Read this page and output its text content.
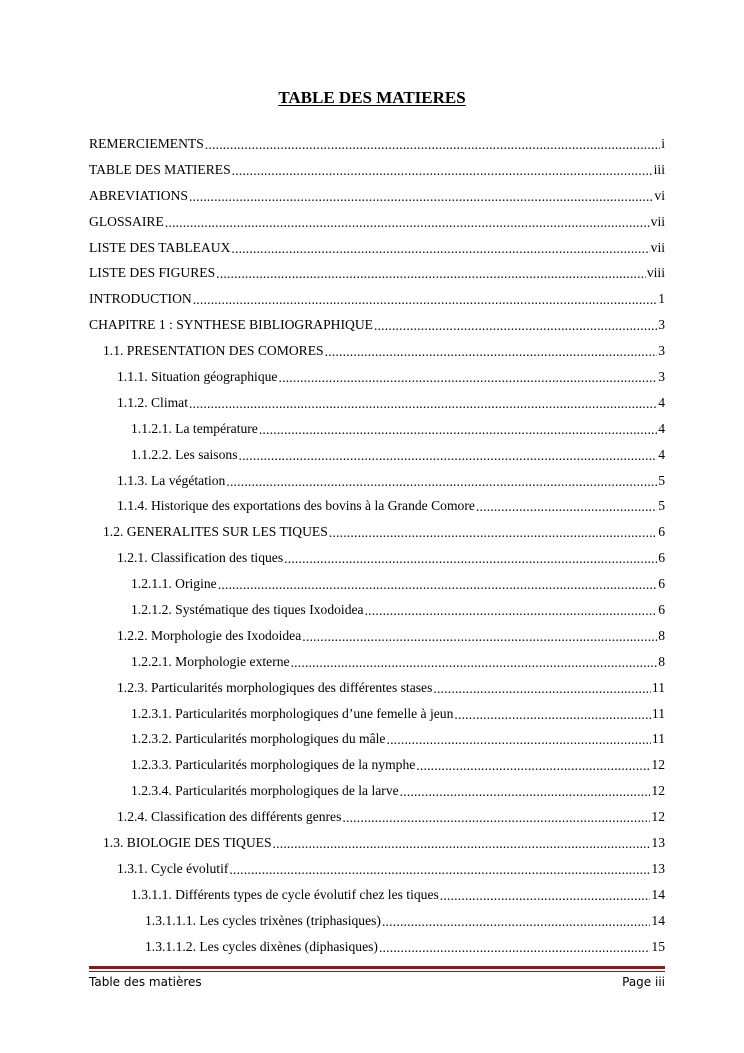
TABLE DES MATIERES
REMERCIEMENTS .....	i
TABLE DES MATIERES .....	iii
ABREVIATIONS .....	vi
GLOSSAIRE .....	vii
LISTE DES TABLEAUX .....	vii
LISTE DES FIGURES .....	viii
INTRODUCTION .....	1
CHAPITRE 1 : SYNTHESE BIBLIOGRAPHIQUE .....	3
1.1. PRESENTATION DES COMORES .....	3
1.1.1. Situation géographique .....	3
1.1.2. Climat .....	4
1.1.2.1. La température .....	4
1.1.2.2. Les saisons .....	4
1.1.3. La végétation .....	5
1.1.4. Historique des exportations des bovins à la Grande Comore .....	5
1.2. GENERALITES SUR LES TIQUES .....	6
1.2.1. Classification des tiques .....	6
1.2.1.1. Origine .....	6
1.2.1.2. Systématique des tiques Ixodoidea .....	6
1.2.2. Morphologie des Ixodoidea .....	8
1.2.2.1. Morphologie externe .....	8
1.2.3. Particularités morphologiques des différentes stases .....	11
1.2.3.1. Particularités morphologiques d’une femelle à jeun .....	11
1.2.3.2. Particularités morphologiques du mâle .....	11
1.2.3.3. Particularités morphologiques de la nymphe .....	12
1.2.3.4. Particularités morphologiques de la larve .....	12
1.2.4. Classification des différents genres .....	12
1.3. BIOLOGIE DES TIQUES .....	13
1.3.1. Cycle évolutif .....	13
1.3.1.1. Différents types de cycle évolutif chez les tiques .....	14
1.3.1.1.1. Les cycles trixènes (triphasiques) .....	14
1.3.1.1.2. Les cycles dixènes (diphasiques) .....	15
Table des matières	Page iii
